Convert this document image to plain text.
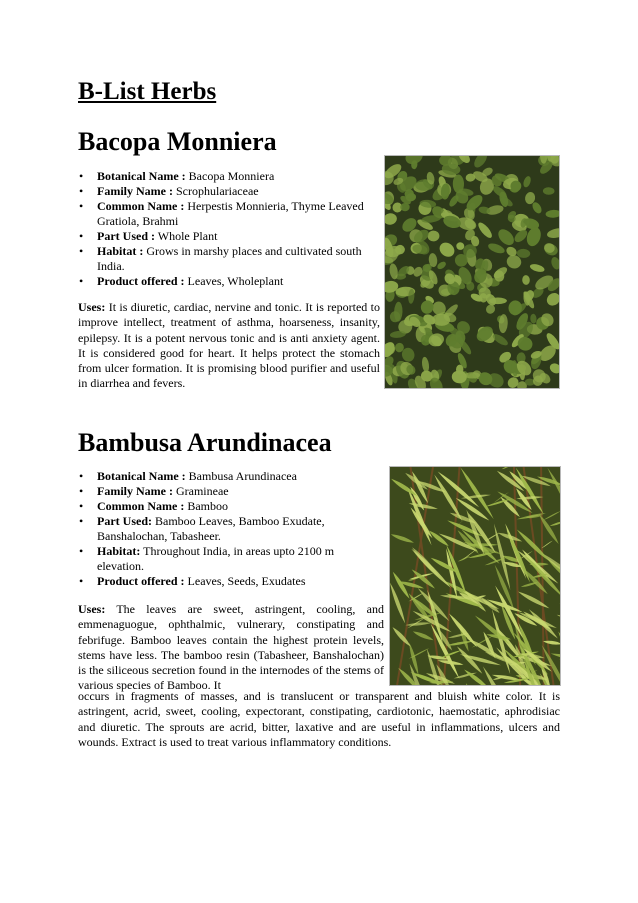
B-List Herbs
Bacopa Monniera
• Botanical Name : Bacopa Monniera
• Family Name : Scrophulariaceae
• Common Name : Herpestis Monnieria, Thyme Leaved Gratiola, Brahmi
• Part Used : Whole Plant
• Habitat : Grows in marshy places and cultivated south India.
• Product offered : Leaves, Wholeplant

Uses: It is diuretic, cardiac, nervine and tonic. It is reported to improve intellect, treatment of asthma, hoarseness, insanity, epilepsy. It is a potent nervous tonic and is anti anxiety agent. It is considered good for heart. It helps protect the stomach from ulcer formation. It is promising blood purifier and useful in diarrhea and fevers.

Bambusa Arundinacea
• Botanical Name : Bambusa Arundinacea
• Family Name : Gramineae
• Common Name : Bamboo
• Part Used: Bamboo Leaves, Bamboo Exudate, Banshalochan, Tabasheer.
• Habitat: Throughout India, in areas upto 2100 m elevation.
• Product offered : Leaves, Seeds, Exudates

Uses: The leaves are sweet, astringent, cooling, and emmenaguogue, ophthalmic, vulnerary, constipating and febrifuge. Bamboo leaves contain the highest protein levels, stems have less. The bamboo resin (Tabasheer, Banshalochan) is the siliceous secretion found in the internodes of the stems of various species of Bamboo. It

occurs in fragments of masses, and is translucent or transparent and bluish white color. It is astringent, acrid, sweet, cooling, expectorant, constipating, cardiotonic, haemostatic, aphrodisiac and diuretic. The sprouts are acrid, bitter, laxative and are useful in inflammations, ulcers and wounds. Extract is used to treat various inflammatory conditions.
